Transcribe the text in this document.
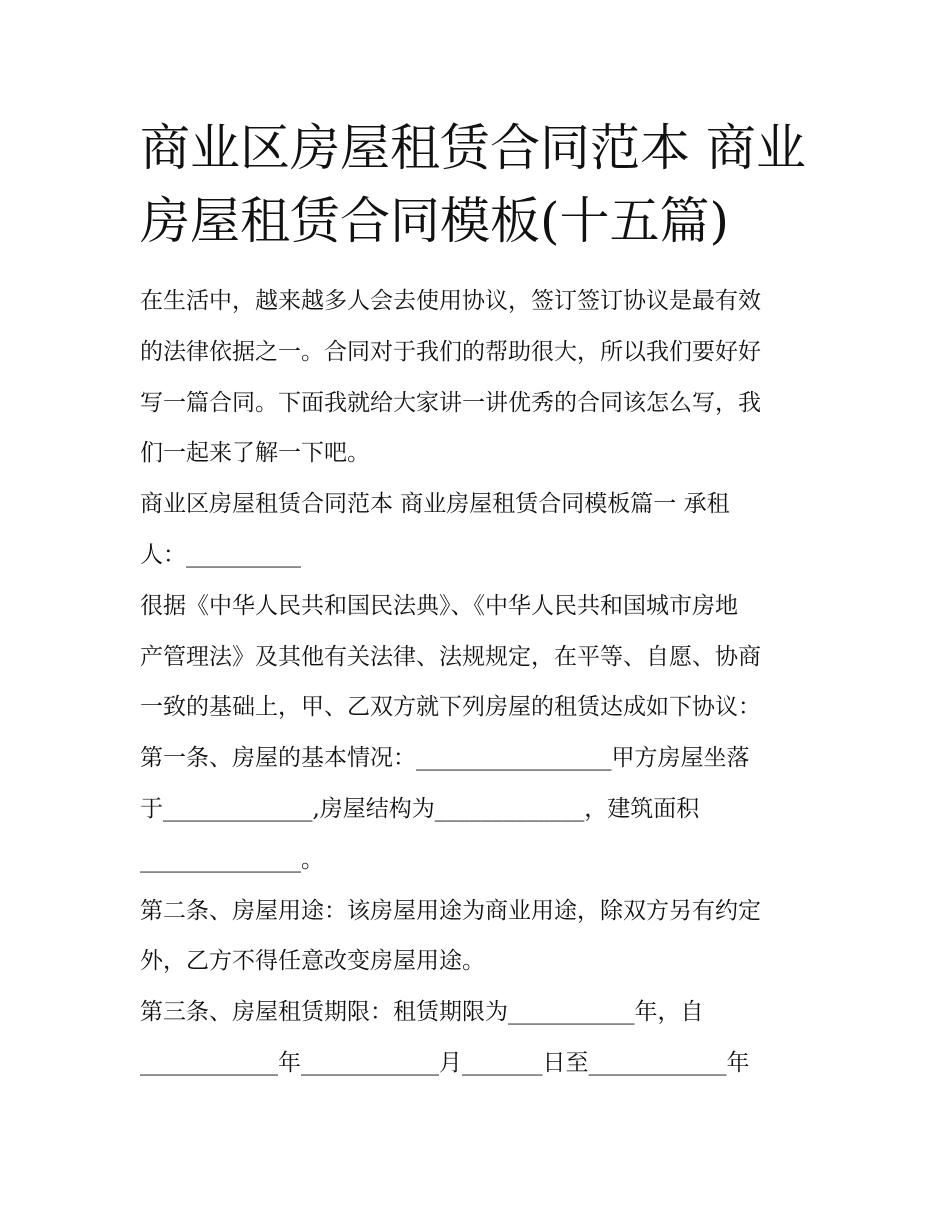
商业区房屋租赁合同范本 商业
房屋租赁合同模板(十五篇)
在生活中，越来越多人会去使用协议，签订签订协议是最有效
的法律依据之一。合同对于我们的帮助很大，所以我们要好好
写一篇合同。下面我就给大家讲一讲优秀的合同该怎么写，我
们一起来了解一下吧。
商业区房屋租赁合同范本 商业房屋租赁合同模板篇一 承租
人：__________
很据《中华人民共和国民法典》、《中华人民共和国城市房地
产管理法》及其他有关法律、法规规定，在平等、自愿、协商
一致的基础上，甲、乙双方就下列房屋的租赁达成如下协议：
第一条、房屋的基本情况：_________________甲方房屋坐落
于_____________,房屋结构为_____________，建筑面积
______________。
第二条、房屋用途：该房屋用途为商业用途，除双方另有约定
外，乙方不得任意改变房屋用途。
第三条、房屋租赁期限：租赁期限为___________年，自
____________年____________月_______日至____________年
